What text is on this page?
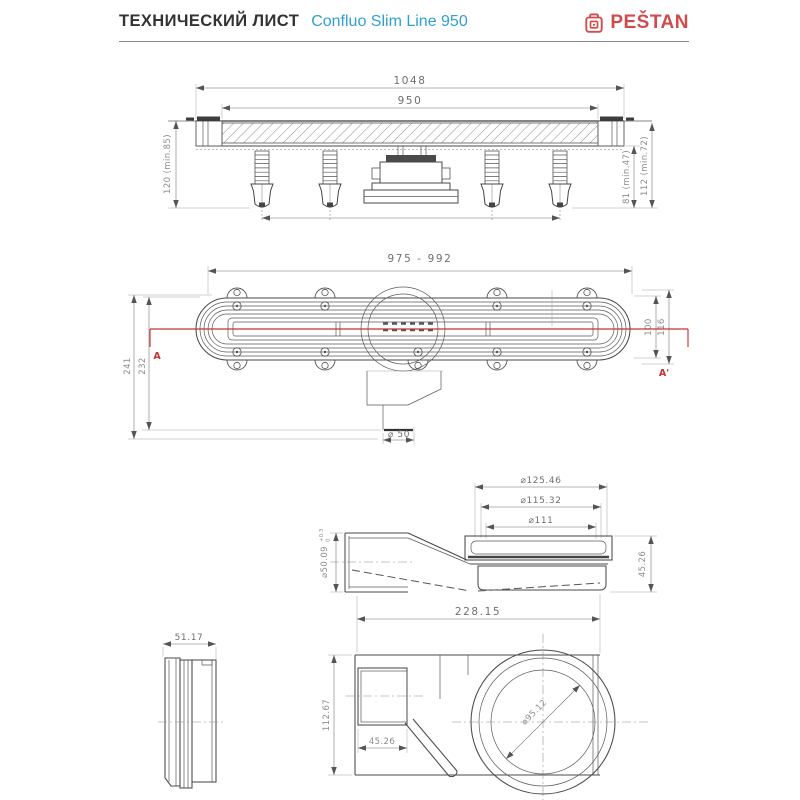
ТЕХНИЧЕСКИЙ ЛИСТ Confluo Slim Line 950	PEŠTAN
1048
950
120 (min.85)	81 (min.47) 112 (min.72)
975 - 992
⌀ 50
241 232
100 116
A
A'
⌀125.46
⌀115.32
⌀111
⌀50.09
+0.3 0
45.26
228.15
51.17
⌀95.12
45.26
112.67
